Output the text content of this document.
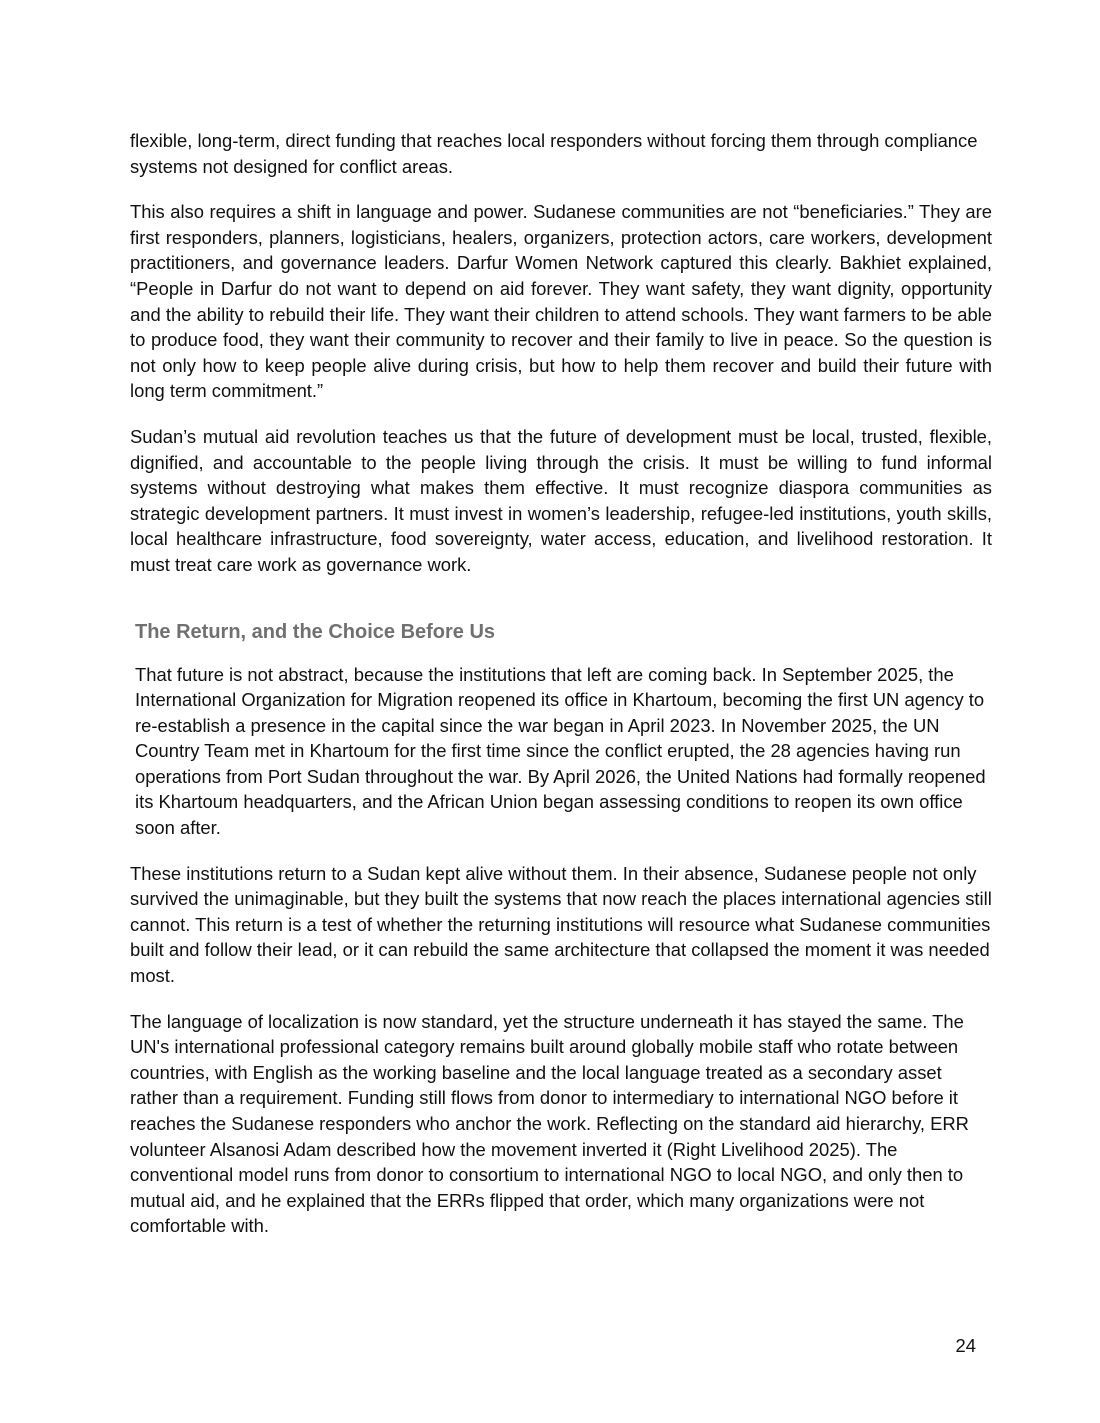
flexible, long-term, direct funding that reaches local responders without forcing them through compliance systems not designed for conflict areas.

This also requires a shift in language and power. Sudanese communities are not “beneficiaries.” They are first responders, planners, logisticians, healers, organizers, protection actors, care workers, development practitioners, and governance leaders. Darfur Women Network captured this clearly. Bakhiet explained, “People in Darfur do not want to depend on aid forever. They want safety, they want dignity, opportunity and the ability to rebuild their life. They want their children to attend schools. They want farmers to be able to produce food, they want their community to recover and their family to live in peace. So the question is not only how to keep people alive during crisis, but how to help them recover and build their future with long term commitment.”

Sudan’s mutual aid revolution teaches us that the future of development must be local, trusted, flexible, dignified, and accountable to the people living through the crisis. It must be willing to fund informal systems without destroying what makes them effective. It must recognize diaspora communities as strategic development partners. It must invest in women’s leadership, refugee-led institutions, youth skills, local healthcare infrastructure, food sovereignty, water access, education, and livelihood restoration. It must treat care work as governance work.

The Return, and the Choice Before Us

That future is not abstract, because the institutions that left are coming back. In September 2025, the International Organization for Migration reopened its office in Khartoum, becoming the first UN agency to re-establish a presence in the capital since the war began in April 2023. In November 2025, the UN Country Team met in Khartoum for the first time since the conflict erupted, the 28 agencies having run operations from Port Sudan throughout the war. By April 2026, the United Nations had formally reopened its Khartoum headquarters, and the African Union began assessing conditions to reopen its own office soon after.

These institutions return to a Sudan kept alive without them. In their absence, Sudanese people not only survived the unimaginable, but they built the systems that now reach the places international agencies still cannot. This return is a test of whether the returning institutions will resource what Sudanese communities built and follow their lead, or it can rebuild the same architecture that collapsed the moment it was needed most.

The language of localization is now standard, yet the structure underneath it has stayed the same. The UN's international professional category remains built around globally mobile staff who rotate between countries, with English as the working baseline and the local language treated as a secondary asset rather than a requirement. Funding still flows from donor to intermediary to international NGO before it reaches the Sudanese responders who anchor the work. Reflecting on the standard aid hierarchy, ERR volunteer Alsanosi Adam described how the movement inverted it (Right Livelihood 2025). The conventional model runs from donor to consortium to international NGO to local NGO, and only then to mutual aid, and he explained that the ERRs flipped that order, which many organizations were not comfortable with.

24
